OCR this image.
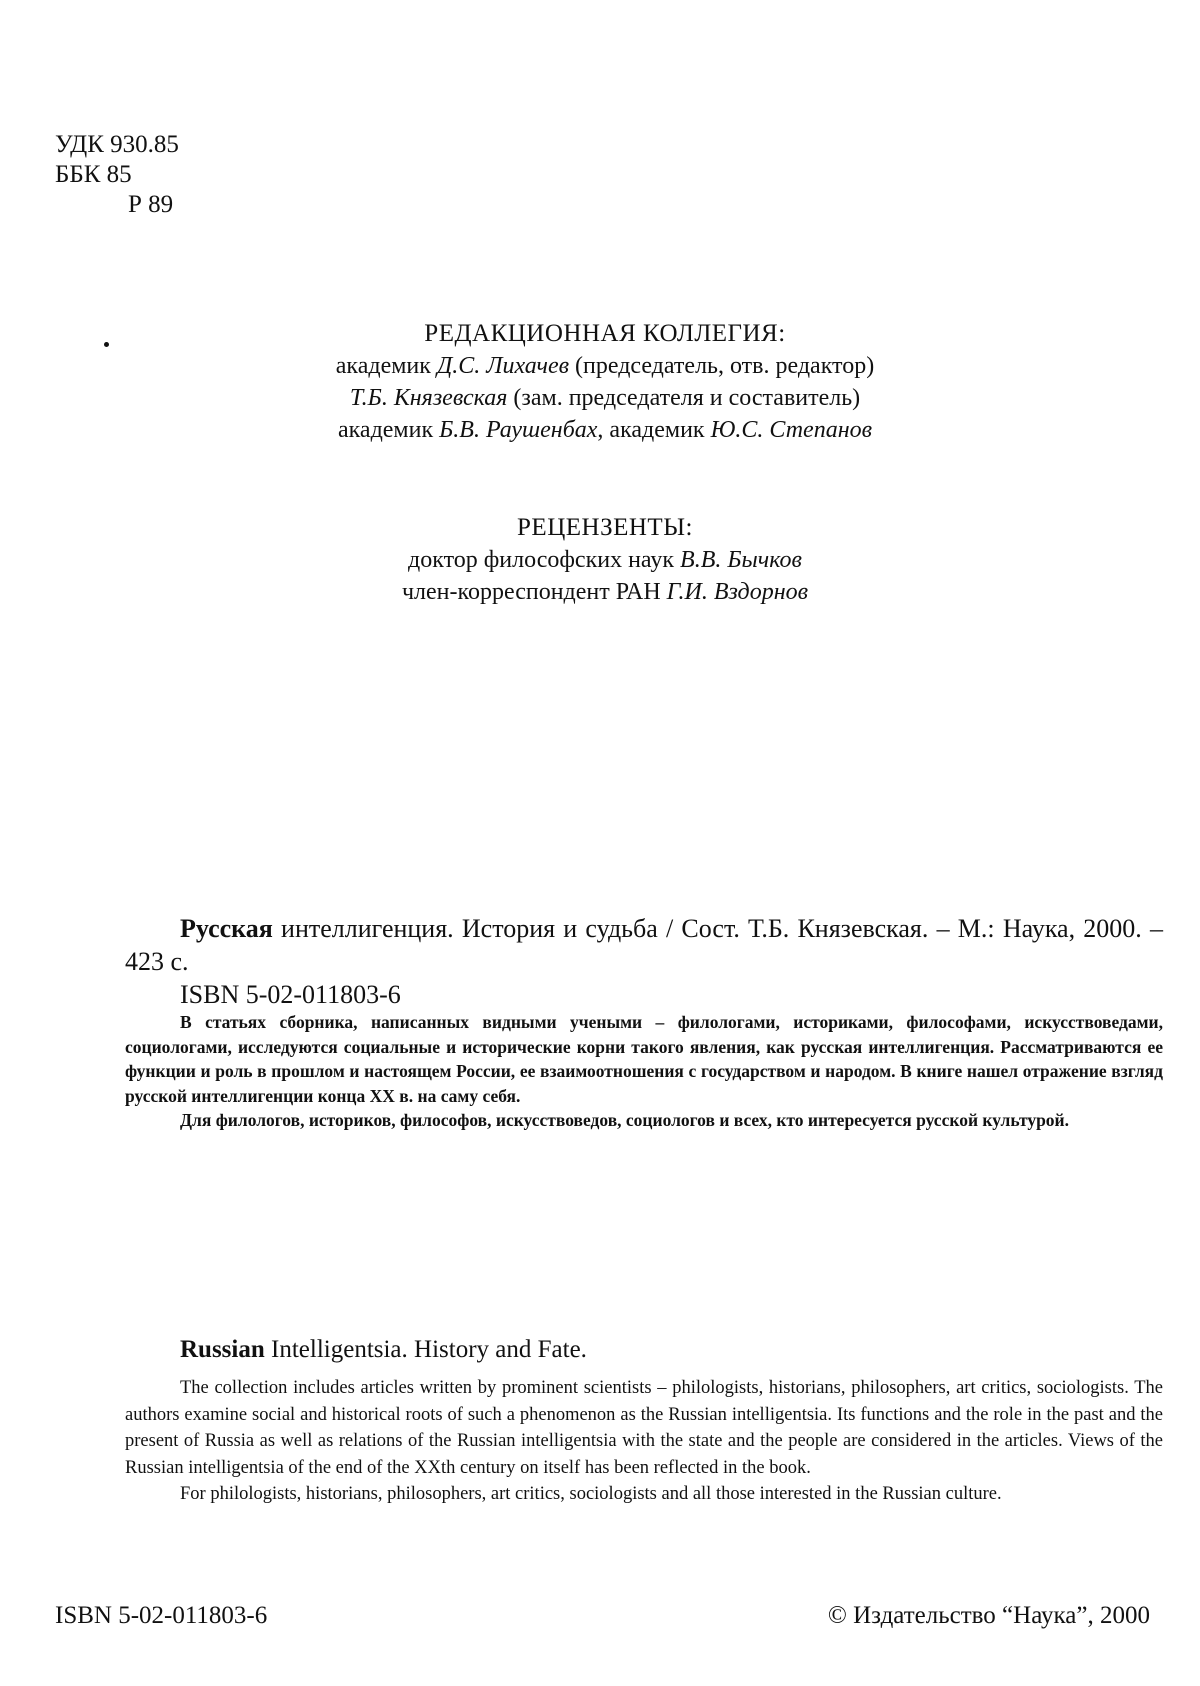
УДК 930.85
ББК 85
Р 89
РЕДАКЦИОННАЯ КОЛЛЕГИЯ:
академик Д.С. Лихачев (председатель, отв. редактор)
Т.Б. Князевская (зам. председателя и составитель)
академик Б.В. Раушенбах, академик Ю.С. Степанов
РЕЦЕНЗЕНТЫ:
доктор философских наук В.В. Бычков
член-корреспондент РАН Г.И. Вздорнов
Русская интеллигенция. История и судьба / Сост. Т.Б. Князевская. – М.: Наука, 2000. – 423 с.
ISBN 5-02-011803-6

В статьях сборника, написанных видными учеными – филологами, историками, философами, искусствоведами, социологами, исследуются социальные и исторические корни такого явления, как русская интеллигенция. Рассматриваются ее функции и роль в прошлом и настоящем России, ее взаимоотношения с государством и народом. В книге нашел отражение взгляд русской интеллигенции конца XX в. на саму себя.

Для филологов, историков, философов, искусствоведов, социологов и всех, кто интересуется русской культурой.

Russian Intelligentsia. History and Fate.

The collection includes articles written by prominent scientists – philologists, historians, philosophers, art critics, sociologists. The authors examine social and historical roots of such a phenomenon as the Russian intelligentsia. Its functions and the role in the past and the present of Russia as well as relations of the Russian intelligentsia with the state and the people are considered in the articles. Views of the Russian intelligentsia of the end of the XXth century on itself has been reflected in the book.

For philologists, historians, philosophers, art critics, sociologists and all those interested in the Russian culture.

ISBN 5-02-011803-6	© Издательство “Наука”, 2000
